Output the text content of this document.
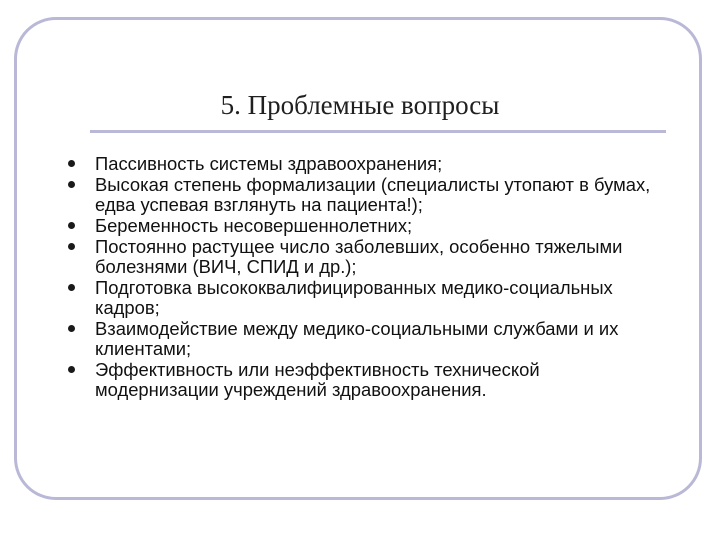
5. Проблемные вопросы
Пассивность системы здравоохранения;
Высокая степень формализации (специалисты утопают в бумах, едва успевая взглянуть на пациента!);
Беременность несовершеннолетних;
Постоянно растущее число заболевших, особенно тяжелыми болезнями (ВИЧ, СПИД и др.);
Подготовка высококвалифицированных медико-социальных кадров;
Взаимодействие между медико-социальными службами и их клиентами;
Эффективность или неэффективность технической модернизации учреждений здравоохранения.
